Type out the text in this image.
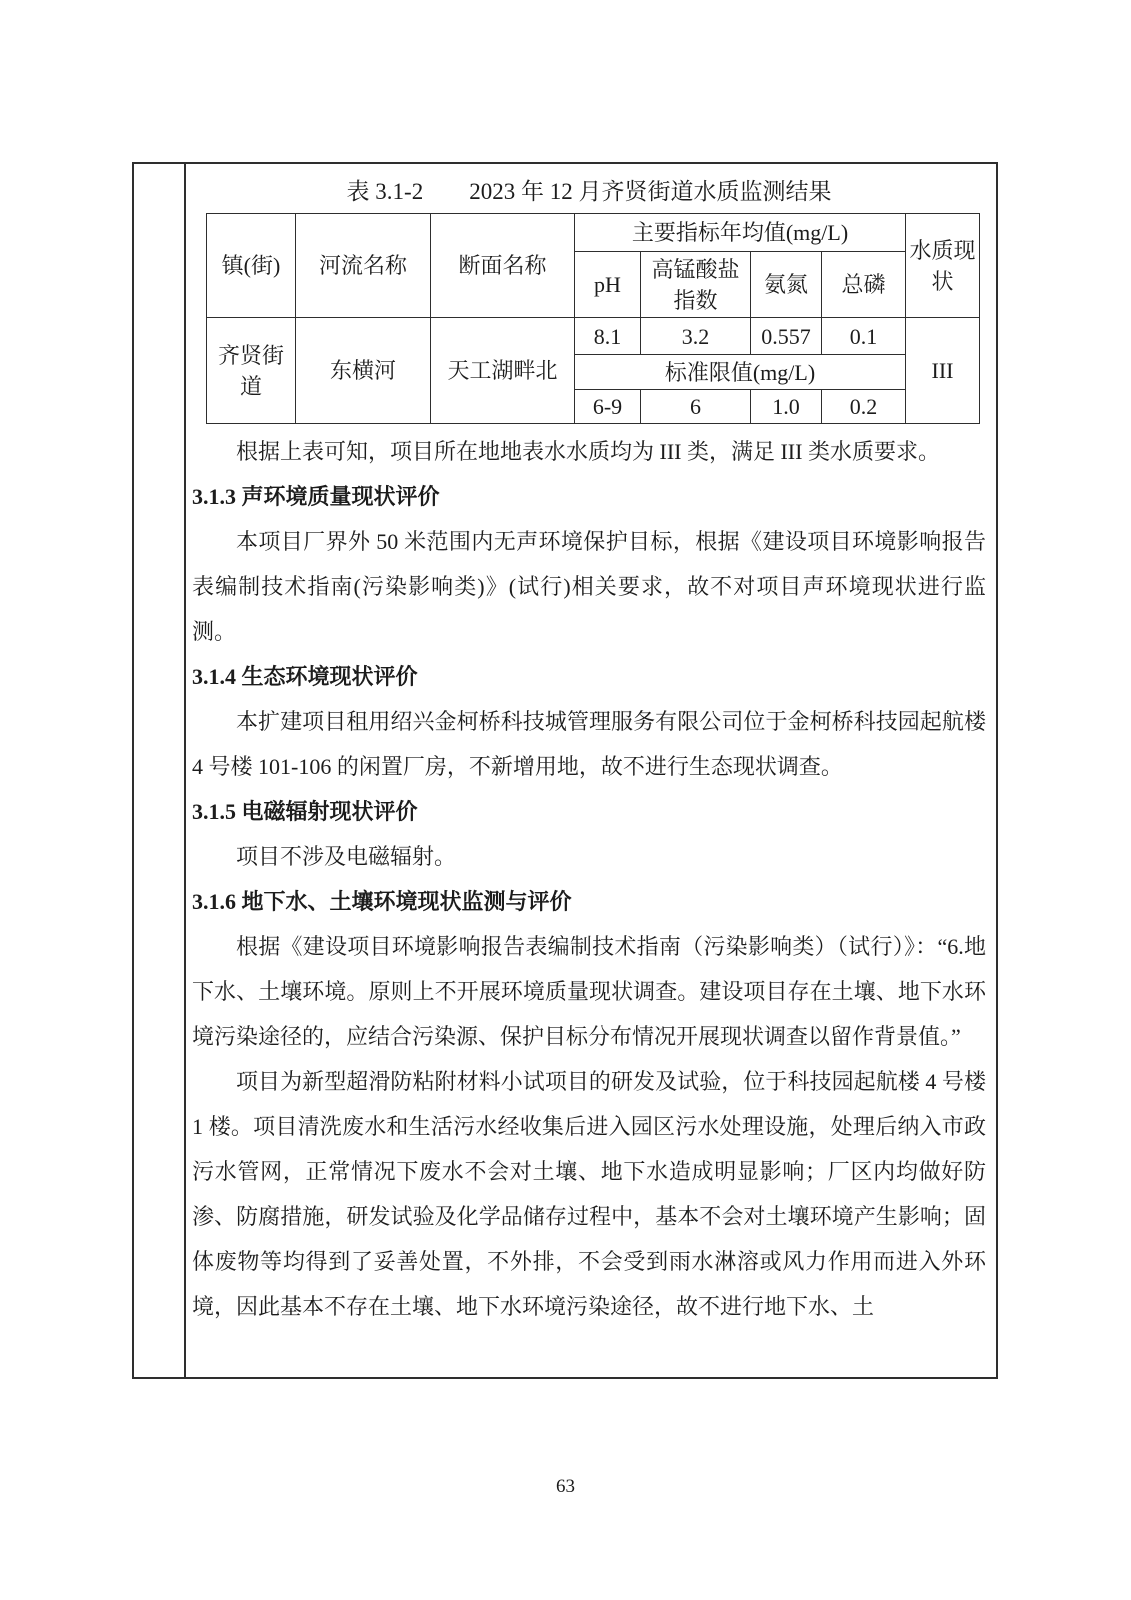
表 3.1-2　　2023 年 12 月齐贤街道水质监测结果
镇(街)	河流名称	断面名称	主要指标年均值(mg/L)				水质现状
			pH	高锰酸盐指数	氨氮	总磷	
齐贤街道	东横河	天工湖畔北	8.1	3.2	0.557	0.1	III
			标准限值(mg/L)				
			6-9	6	1.0	0.2	

根据上表可知，项目所在地地表水水质均为 III 类，满足 III 类水质要求。

3.1.3 声环境质量现状评价

本项目厂界外 50 米范围内无声环境保护目标，根据《建设项目环境影响报告表编制技术指南(污染影响类)》(试行)相关要求，故不对项目声环境现状进行监测。

3.1.4 生态环境现状评价

本扩建项目租用绍兴金柯桥科技城管理服务有限公司位于金柯桥科技园起航楼 4 号楼 101-106 的闲置厂房，不新增用地，故不进行生态现状调查。

3.1.5 电磁辐射现状评价

项目不涉及电磁辐射。

3.1.6 地下水、土壤环境现状监测与评价

根据《建设项目环境影响报告表编制技术指南（污染影响类）（试行）》：“6.地下水、土壤环境。原则上不开展环境质量现状调查。建设项目存在土壤、地下水环境污染途径的，应结合污染源、保护目标分布情况开展现状调查以留作背景值。”

项目为新型超滑防粘附材料小试项目的研发及试验，位于科技园起航楼 4 号楼 1 楼。项目清洗废水和生活污水经收集后进入园区污水处理设施，处理后纳入市政污水管网，正常情况下废水不会对土壤、地下水造成明显影响；厂区内均做好防渗、防腐措施，研发试验及化学品储存过程中，基本不会对土壤环境产生影响；固体废物等均得到了妥善处置，不外排，不会受到雨水淋溶或风力作用而进入外环境，因此基本不存在土壤、地下水环境污染途径，故不进行地下水、土

63
